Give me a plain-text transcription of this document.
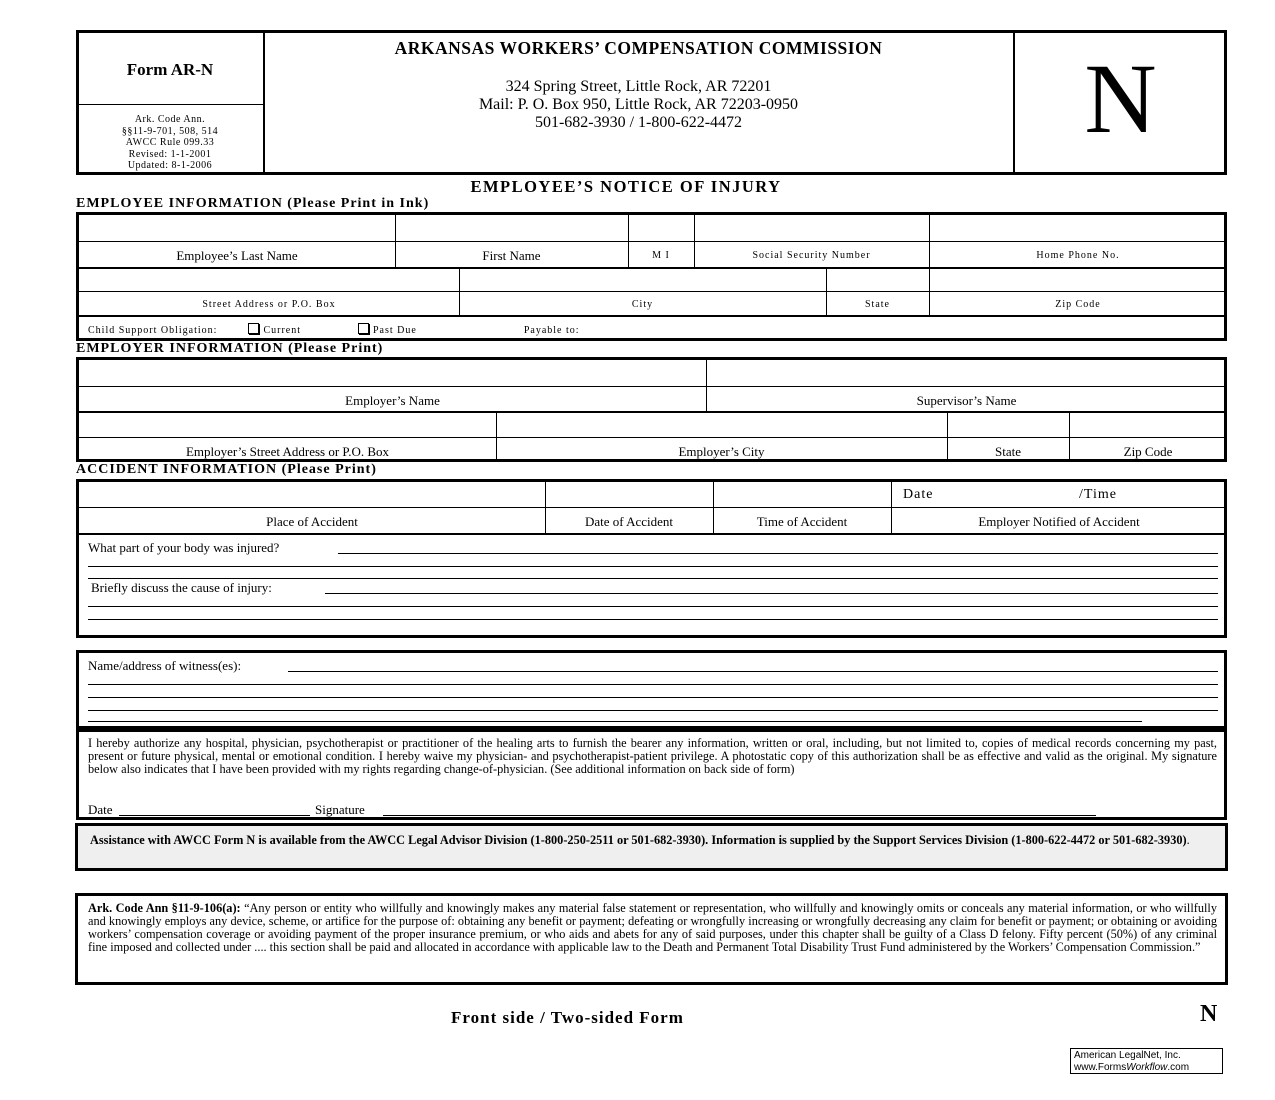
Form AR-N
Ark. Code Ann.
§§11-9-701, 508, 514
AWCC Rule 099.33
Revised: 1-1-2001
Updated: 8-1-2006
ARKANSAS WORKERS’ COMPENSATION COMMISSION
324 Spring Street, Little Rock, AR 72201
Mail: P. O. Box 950, Little Rock, AR 72203-0950
501-682-3930 / 1-800-622-4472	N
EMPLOYEE’S NOTICE OF INJURY
EMPLOYEE INFORMATION (Please Print in Ink)
Employee’s Last Name	First Name	M I	Social Security Number	Home Phone No.
Street Address or P.O. Box	City	State	Zip Code
Child Support Obligation:	Current	Past Due	Payable to:
EMPLOYER INFORMATION (Please Print)
Employer’s Name	Supervisor’s Name
Employer’s Street Address or P.O. Box	Employer’s City	State	Zip Code
ACCIDENT INFORMATION (Please Print)
Date	/Time
Place of Accident	Date of Accident	Time of Accident	Employer Notified of Accident
What part of your body was injured?
Briefly discuss the cause of injury:
Name/address of witness(es):
I hereby authorize any hospital, physician, psychotherapist or practitioner of the healing arts to furnish the bearer any information, written or oral, including, but not limited to, copies of medical records concerning my past, present or future physical, mental or emotional condition. I hereby waive my physician- and psychotherapist-patient privilege. A photostatic copy of this authorization shall be as effective and valid as the original. My signature below also indicates that I have been provided with my rights regarding change-of-physician. (See additional information on back side of form)
Date	Signature
Assistance with AWCC Form N is available from the AWCC Legal Advisor Division (1-800-250-2511 or 501-682-3930). Information is supplied by the Support Services Division (1-800-622-4472 or 501-682-3930).
Ark. Code Ann §11-9-106(a): “Any person or entity who willfully and knowingly makes any material false statement or representation, who willfully and knowingly omits or conceals any material information, or who willfully and knowingly employs any device, scheme, or artifice for the purpose of: obtaining any benefit or payment; defeating or wrongfully increasing or wrongfully decreasing any claim for benefit or payment; or obtaining or avoiding workers’ compensation coverage or avoiding payment of the proper insurance premium, or who aids and abets for any of said purposes, under this chapter shall be guilty of a Class D felony. Fifty percent (50%) of any criminal fine imposed and collected under .... this section shall be paid and allocated in accordance with applicable law to the Death and Permanent Total Disability Trust Fund administered by the Workers’ Compensation Commission.”
Front side / Two-sided Form	N
American LegalNet, Inc.
www.FormsWorkflow.com
